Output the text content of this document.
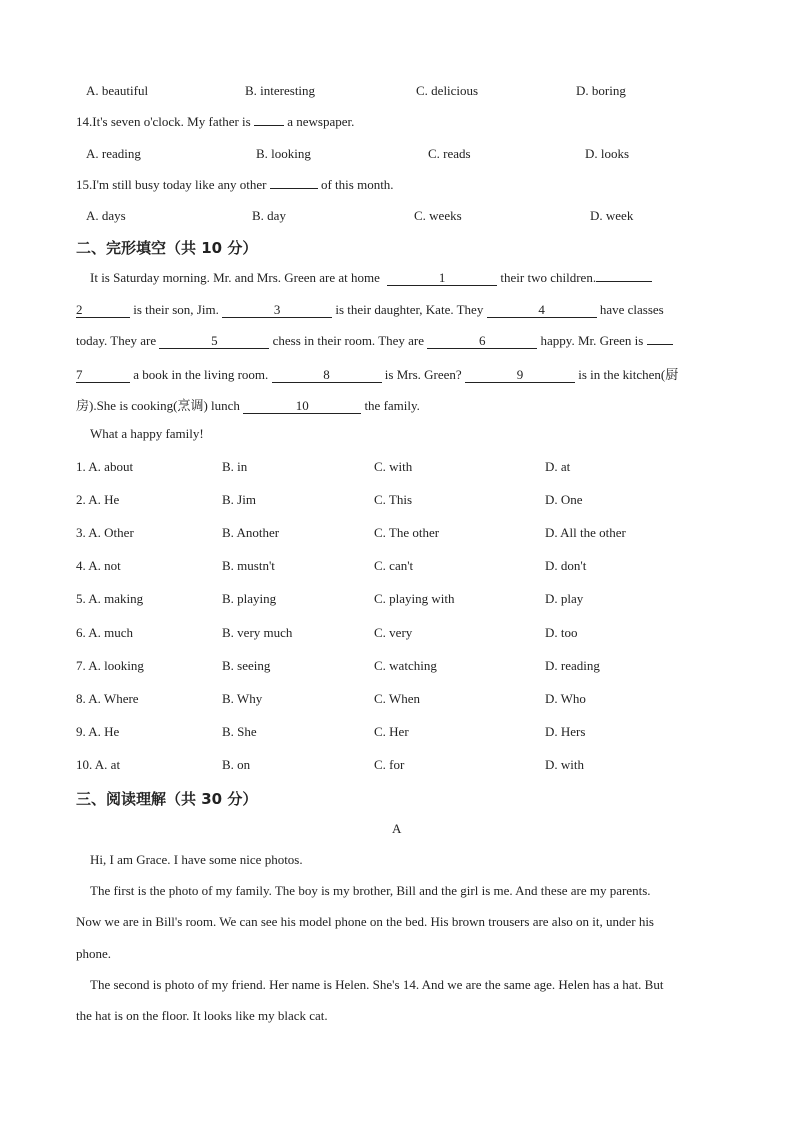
A. beautiful	B. interesting	C. delicious	D. boring
14.It's seven o'clock. My father is	a newspaper.
A. reading	B. looking	C. reads	D. looks
15.I'm still busy today like any other	of this month.
A. days	B. day	C. weeks	D. week
二、完形填空（共 10 分）
It is Saturday morning. Mr. and Mrs. Green are at home	1	their two children.
2	is their son, Jim.	3	is their daughter, Kate. They	4	have classes
today. They are	5	chess in their room. They are	6	happy. Mr. Green is
7	a book in the living room.	8	is Mrs. Green?	9	is in the kitchen(厨
房).She is cooking(烹调) lunch	10	the family.
What a happy family!
1. A. about	B. in	C. with	D. at
2. A. He	B. Jim	C. This	D. One
3. A. Other	B. Another	C. The other	D. All the other
4. A. not	B. mustn't	C. can't	D. don't
5. A. making	B. playing	C. playing with	D. play
6. A. much	B. very much	C. very	D. too
7. A. looking	B. seeing	C. watching	D. reading
8. A. Where	B. Why	C. When	D. Who
9. A. He	B. She	C. Her	D. Hers
10. A. at	B. on	C. for	D. with
三、阅读理解（共 30 分）
A
Hi, I am Grace. I have some nice photos.
The first is the photo of my family. The boy is my brother, Bill and the girl is me. And these are my parents.
Now we are in Bill's room. We can see his model phone on the bed. His brown trousers are also on it, under his
phone.
The second is photo of my friend. Her name is Helen. She's 14. And we are the same age. Helen has a hat. But
the hat is on the floor. It looks like my black cat.
